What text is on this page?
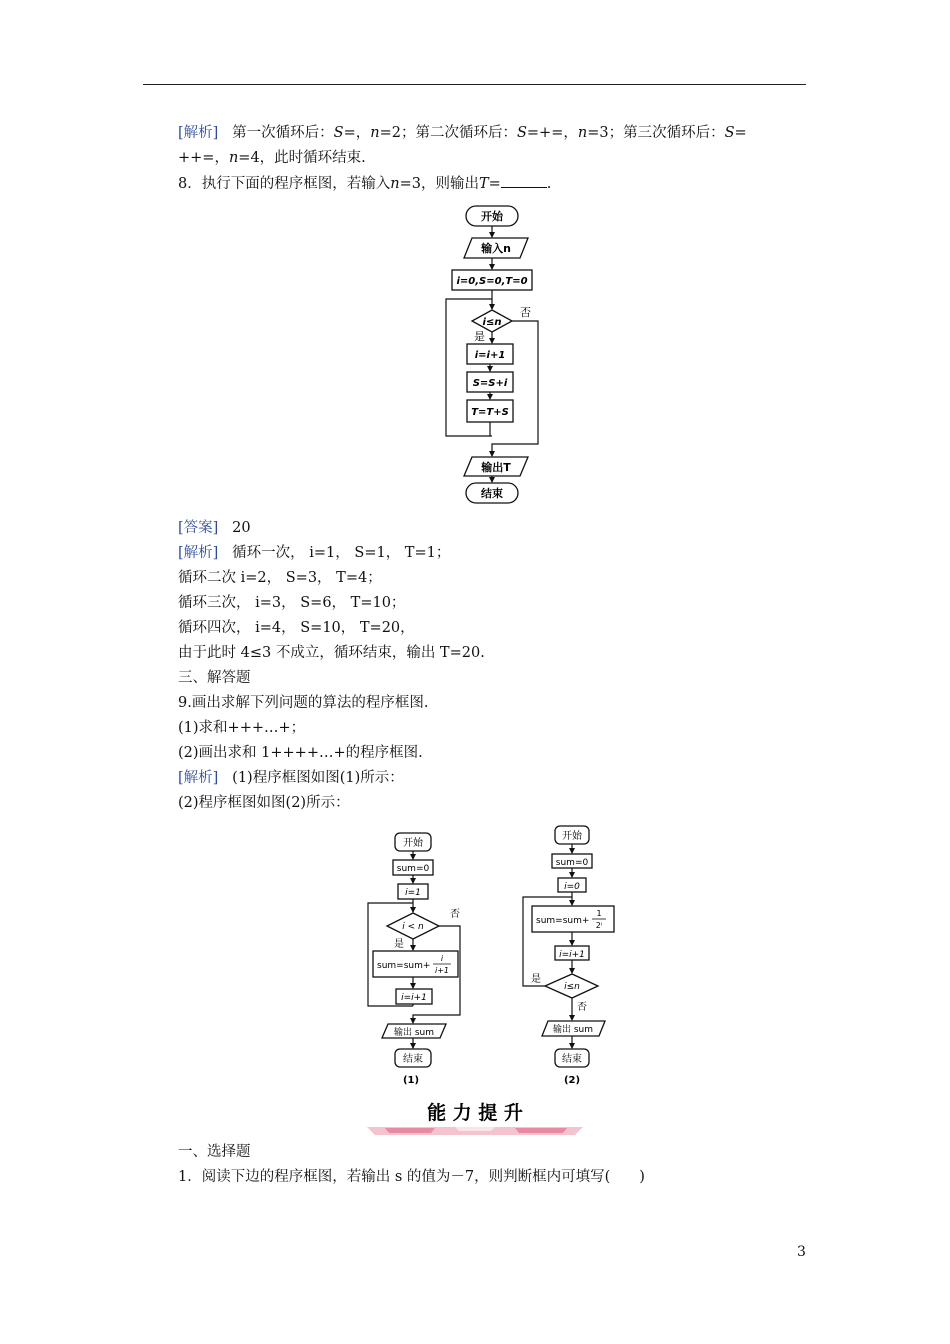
[解析] 第一次循环后：S=，n=2；第二次循环后：S=+=，n=3；第三次循环后：S=
++=，n=4，此时循环结束.
8．执行下面的程序框图，若输入n=3，则输出T=	.
开始
输入n
i=0,S=0,T=0
i≤n
否
是
i=i+1
S=S+i
T=T+S
输出T
结束
[答案] 20
[解析] 循环一次， i=1， S=1， T=1；
循环二次 i=2， S=3， T=4；
循环三次， i=3， S=6， T=10；
循环四次， i=4， S=10， T=20，
由于此时 4≤3 不成立，循环结束，输出 T=20.
三、解答题
9.画出求解下列问题的算法的程序框图.
(1)求和+++…+；
(2)画出求和 1++++…+的程序框图.
[解析] (1)程序框图如图(1)所示：
(2)程序框图如图(2)所示：
开始
sum=0
i=1
i < n
否
是
sum=sum+
i
i+1
i=i+1
输出 sum
结束
(1)
开始
sum=0
i=0
sum=sum+
1
2ⁱ
i=i+1
i≤n
是
否
输出 sum
结束
(2)
能 力 提 升
一、选择题
1．阅读下边的程序框图，若输出 s 的值为－7，则判断框内可填写(　　)
3
